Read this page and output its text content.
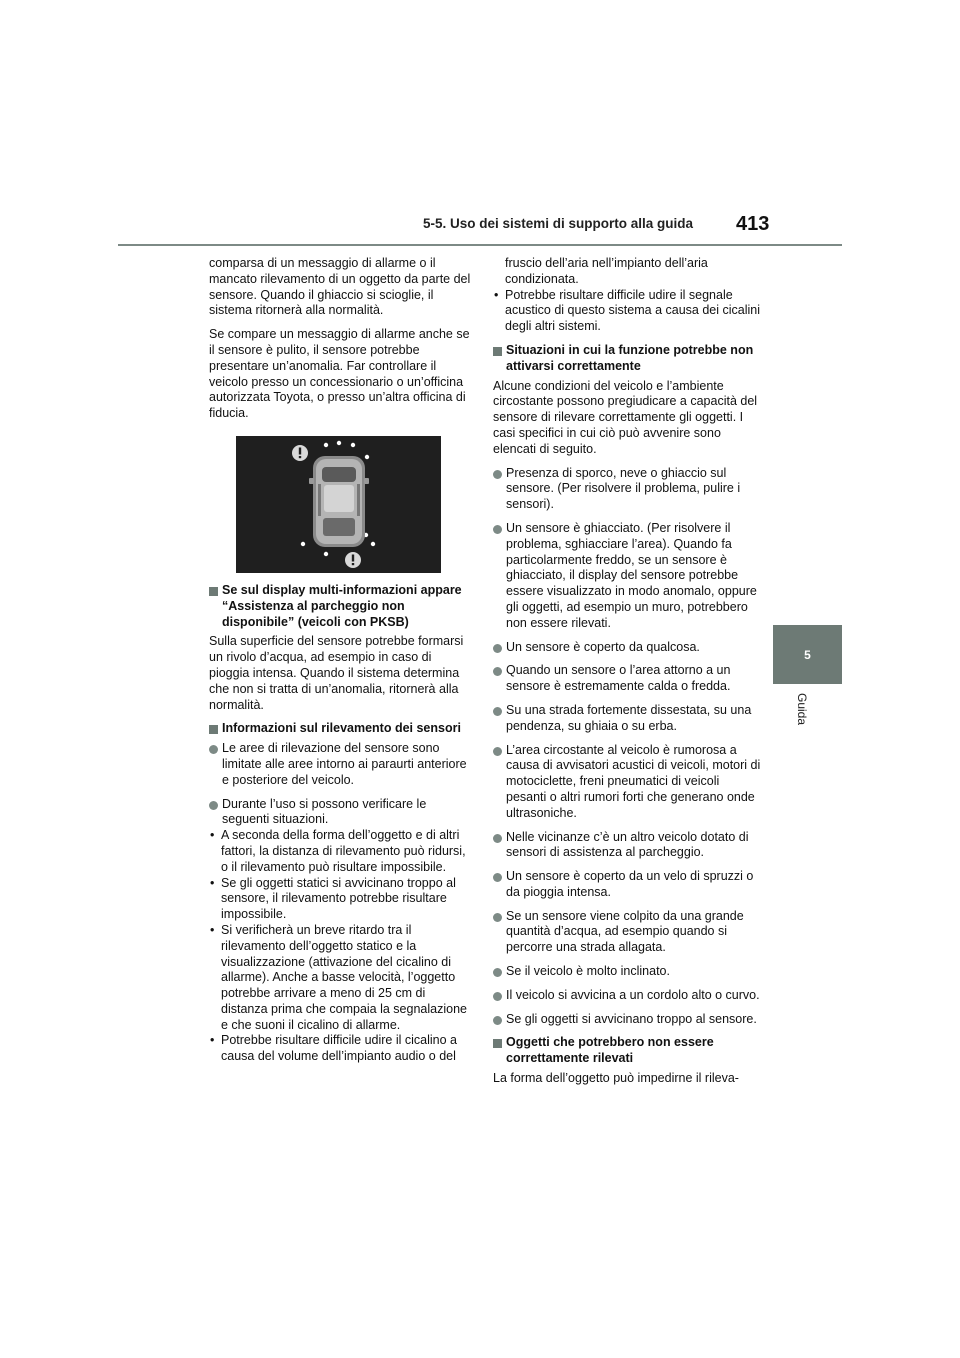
5-5. Uso dei sistemi di supporto alla guida 413
5
Guida

comparsa di un messaggio di allarme o il mancato rilevamento di un oggetto da parte del sensore. Quando il ghiaccio si scioglie, il sistema ritornerà alla normalità.

Se compare un messaggio di allarme anche se il sensore è pulito, il sensore potrebbe presentare un’anomalia. Far controllare il veicolo presso un concessionario o un’officina autorizzata Toyota, o presso un’altra officina di fiducia.

Se sul display multi-informazioni appare “Assistenza al parcheggio non disponibile” (veicoli con PKSB)

Sulla superficie del sensore potrebbe formarsi un rivolo d’acqua, ad esempio in caso di pioggia intensa. Quando il sistema determina che non si tratta di un’anomalia, ritornerà alla normalità.

Informazioni sul rilevamento dei sensori
Le aree di rilevazione del sensore sono limitate alle aree intorno ai paraurti anteriore e posteriore del veicolo.
Durante l’uso si possono verificare le seguenti situazioni.
• A seconda della forma dell’oggetto e di altri fattori, la distanza di rilevamento può ridursi, o il rilevamento può risultare impossibile.
• Se gli oggetti statici si avvicinano troppo al sensore, il rilevamento potrebbe risultare impossibile.
• Si verificherà un breve ritardo tra il rilevamento dell’oggetto statico e la visualizzazione (attivazione del cicalino di allarme). Anche a basse velocità, l’oggetto potrebbe arrivare a meno di 25 cm di distanza prima che compaia la segnalazione e che suoni il cicalino di allarme.
• Potrebbe risultare difficile udire il cicalino a causa del volume dell’impianto audio o del
fruscio dell’aria nell’impianto dell’aria condizionata.
• Potrebbe risultare difficile udire il segnale acustico di questo sistema a causa dei cicalini degli altri sistemi.
Situazioni in cui la funzione potrebbe non attivarsi correttamente

Alcune condizioni del veicolo e l’ambiente circostante possono pregiudicare a capacità del sensore di rilevare correttamente gli oggetti. I casi specifici in cui ciò può avvenire sono elencati di seguito.

Presenza di sporco, neve o ghiaccio sul sensore. (Per risolvere il problema, pulire i sensori).
Un sensore è ghiacciato. (Per risolvere il problema, sghiacciare l’area). Quando fa particolarmente freddo, se un sensore è ghiacciato, il display del sensore potrebbe essere visualizzato in modo anomalo, oppure gli oggetti, ad esempio un muro, potrebbero non essere rilevati.
Un sensore è coperto da qualcosa.
Quando un sensore o l’area attorno a un sensore è estremamente calda o fredda.
Su una strada fortemente dissestata, su una pendenza, su ghiaia o su erba.
L’area circostante al veicolo è rumorosa a causa di avvisatori acustici di veicoli, motori di motociclette, freni pneumatici di veicoli pesanti o altri rumori forti che generano onde ultrasoniche.
Nelle vicinanze c’è un altro veicolo dotato di sensori di assistenza al parcheggio.
Un sensore è coperto da un velo di spruzzi o da pioggia intensa.
Se un sensore viene colpito da una grande quantità d’acqua, ad esempio quando si percorre una strada allagata.
Se il veicolo è molto inclinato.
Il veicolo si avvicina a un cordolo alto o curvo.
Se gli oggetti si avvicinano troppo al sensore.
Oggetti che potrebbero non essere correttamente rilevati

La forma dell’oggetto può impedirne il rileva-
